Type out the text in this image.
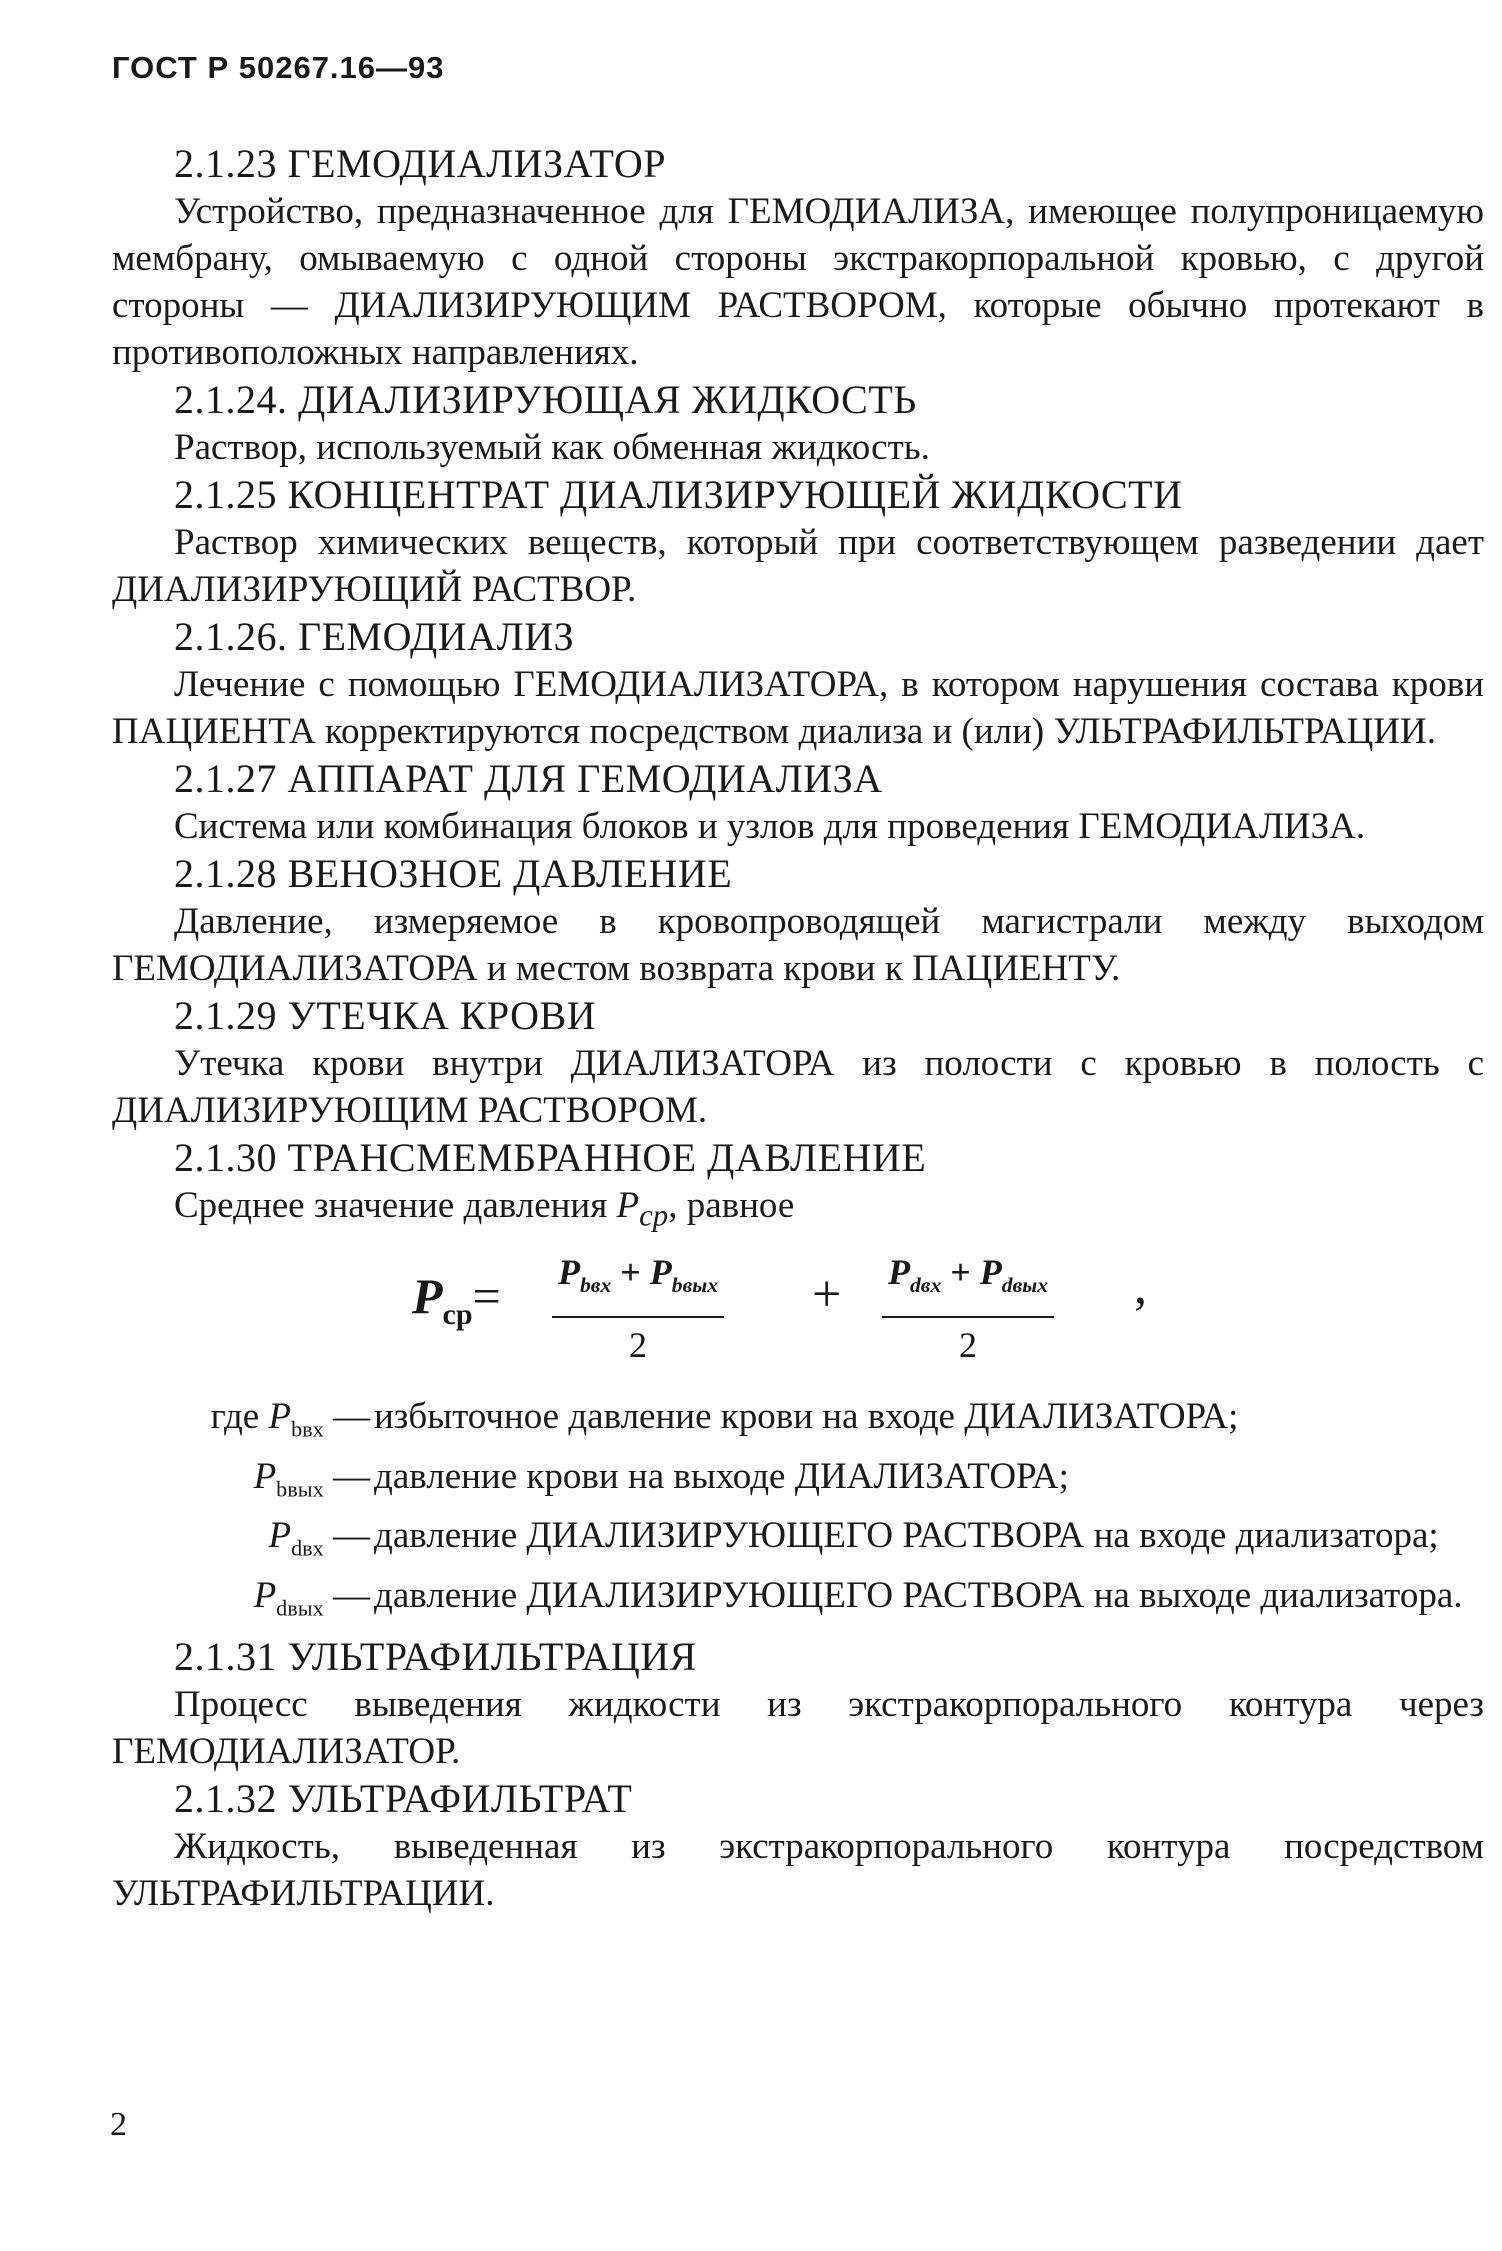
ГОСТ Р 50267.16—93
2.1.23 ГЕМОДИАЛИЗАТОР

Устройство, предназначенное для ГЕМОДИАЛИЗА, имеющее полупроницаемую мембрану, омываемую с одной стороны экстракорпоральной кровью, с другой стороны — ДИАЛИЗИРУЮЩИМ РАСТВОРОМ, которые обычно протекают в противоположных направлениях.

2.1.24. ДИАЛИЗИРУЮЩАЯ ЖИДКОСТЬ

Раствор, используемый как обменная жидкость.

2.1.25 КОНЦЕНТРАТ ДИАЛИЗИРУЮЩЕЙ ЖИДКОСТИ

Раствор химических веществ, который при соответствующем разведении дает ДИАЛИЗИРУЮЩИЙ РАСТВОР.

2.1.26. ГЕМОДИАЛИЗ

Лечение с помощью ГЕМОДИАЛИЗАТОРА, в котором нарушения состава крови ПАЦИЕНТА корректируются посредством диализа и (или) УЛЬТРАФИЛЬТРАЦИИ.

2.1.27 АППАРАТ ДЛЯ ГЕМОДИАЛИЗА

Система или комбинация блоков и узлов для проведения ГЕМОДИАЛИЗА.

2.1.28 ВЕНОЗНОЕ ДАВЛЕНИЕ

Давление, измеряемое в кровопроводящей магистрали между выходом ГЕМОДИАЛИЗАТОРА и местом возврата крови к ПАЦИЕНТУ.

2.1.29 УТЕЧКА КРОВИ

Утечка крови внутри ДИАЛИЗАТОРА из полости с кровью в полость с ДИАЛИЗИРУЮЩИМ РАСТВОРОМ.

2.1.30 ТРАНСМЕМБРАННОЕ ДАВЛЕНИЕ

Среднее значение давления $P_{ср}$, равное

$P_{ср}= P_{bвх} + P_{bвых}$
2
+ $P_{dвх} + P_{dвых}$
2
,
где $P_{bвх}$ — избыточное давление крови на входе ДИАЛИЗАТОРА;
$P_{bвых}$ — давление крови на выходе ДИАЛИЗАТОРА;
$P_{dвх}$ — давление ДИАЛИЗИРУЮЩЕГО РАСТВОРА на входе диализатора;
$P_{dвых}$ — давление ДИАЛИЗИРУЮЩЕГО РАСТВОРА на выходе диализатора.
2.1.31 УЛЬТРАФИЛЬТРАЦИЯ

Процесс выведения жидкости из экстракорпорального контура через ГЕМОДИАЛИЗАТОР.

2.1.32 УЛЬТРАФИЛЬТРАТ

Жидкость, выведенная из экстракорпорального контура посредством УЛЬТРАФИЛЬТРАЦИИ.

2
